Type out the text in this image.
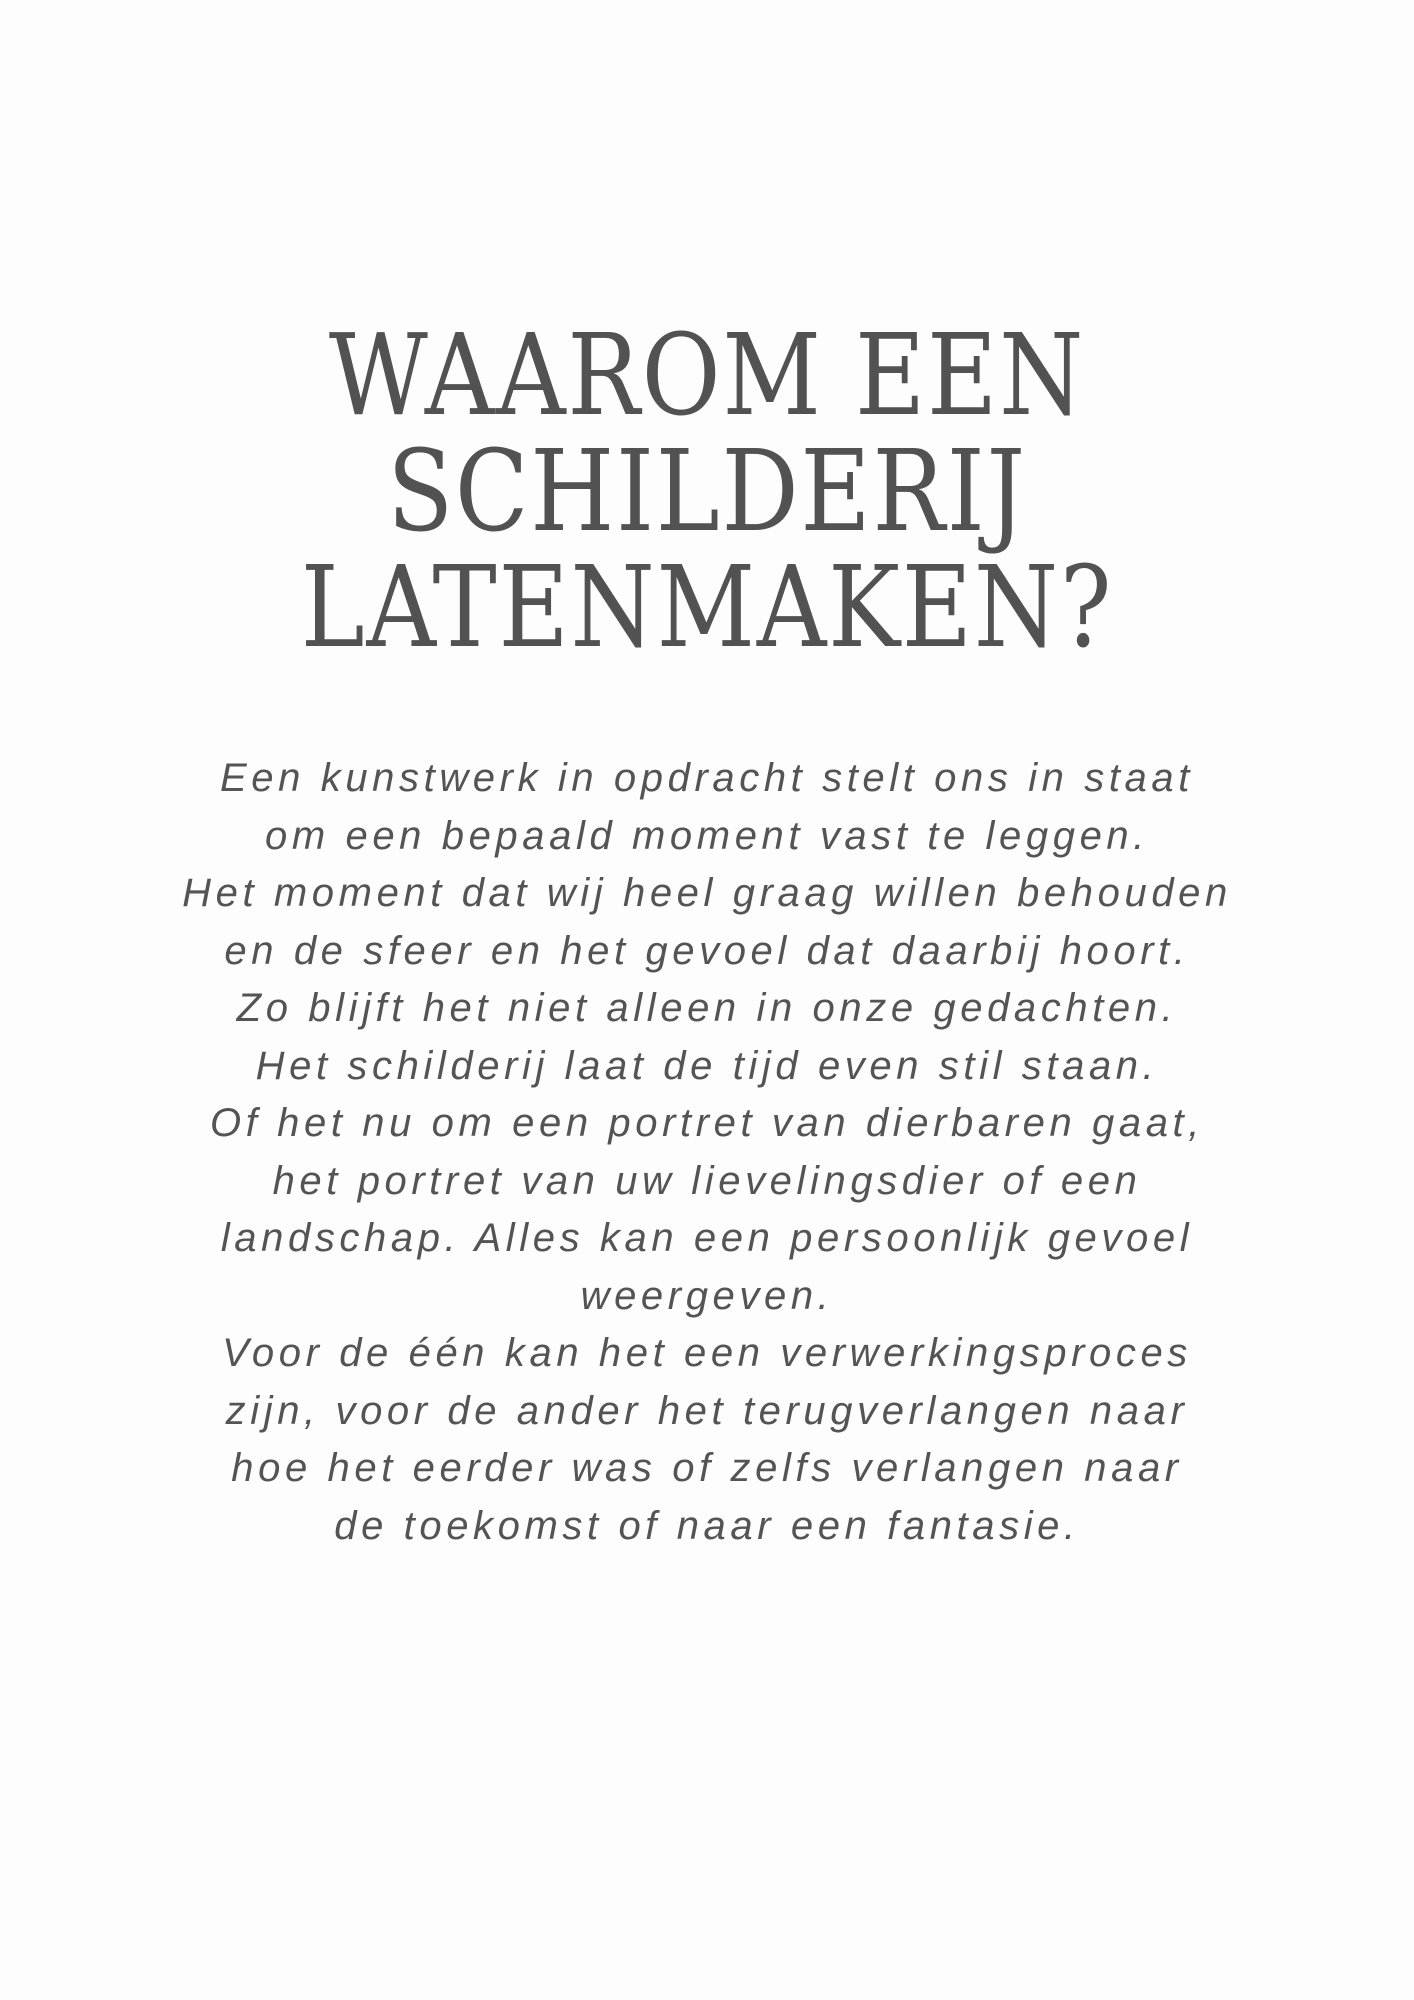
WAAROM EEN
SCHILDERIJ
LATENMAKEN?

Een kunstwerk in opdracht stelt ons in staat
om een bepaald moment vast te leggen.
Het moment dat wij heel graag willen behouden
en de sfeer en het gevoel dat daarbij hoort.
Zo blijft het niet alleen in onze gedachten.
Het schilderij laat de tijd even stil staan.
Of het nu om een portret van dierbaren gaat,
het portret van uw lievelingsdier of een
landschap. Alles kan een persoonlijk gevoel
weergeven.
Voor de één kan het een verwerkingsproces
zijn, voor de ander het terugverlangen naar
hoe het eerder was of zelfs verlangen naar
de toekomst of naar een fantasie.
